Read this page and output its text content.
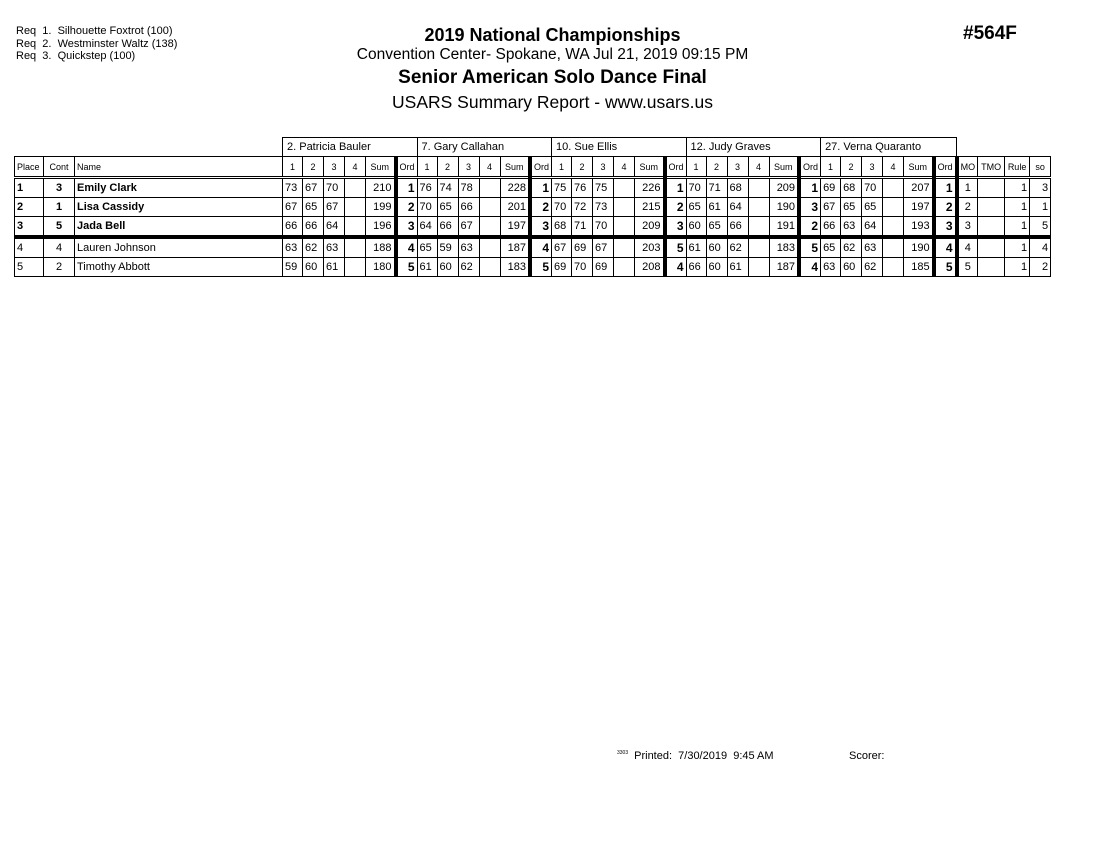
Req  1.  Silhouette Foxtrot (100)
Req  2.  Westminster Waltz (138)
Req  3.  Quickstep (100)
2019 National Championships
Convention Center- Spokane, WA Jul 21, 2019 09:15 PM
Senior American Solo Dance Final
USARS Summary Report - www.usars.us
#564F
			2. Patricia Bauler						7. Gary Callahan						10. Sue Ellis						12. Judy Graves						27. Verna Quaranto									
Place	Cont	Name	1	2	3	4	Sum	Ord	1	2	3	4	Sum	Ord	1	2	3	4	Sum	Ord	1	2	3	4	Sum	Ord	1	2	3	4	Sum	Ord	MO	TMO	Rule	so
1	3	Emily Clark	73	67	70		210	1	76	74	78		228	1	75	76	75		226	1	70	71	68		209	1	69	68	70		207	1	1		1	3
2	1	Lisa Cassidy	67	65	67		199	2	70	65	66		201	2	70	72	73		215	2	65	61	64		190	3	67	65	65		197	2	2		1	1
3	5	Jada Bell	66	66	64		196	3	64	66	67		197	3	68	71	70		209	3	60	65	66		191	2	66	63	64		193	3	3		1	5
4	4	Lauren Johnson	63	62	63		188	4	65	59	63		187	4	67	69	67		203	5	61	60	62		183	5	65	62	63		190	4	4		1	4
5	2	Timothy Abbott	59	60	61		180	5	61	60	62		183	5	69	70	69		208	4	66	60	61		187	4	63	60	62		185	5	5		1	2
$^{3303}$ Printed:  7/30/2019  9:45 AM	Scorer:
